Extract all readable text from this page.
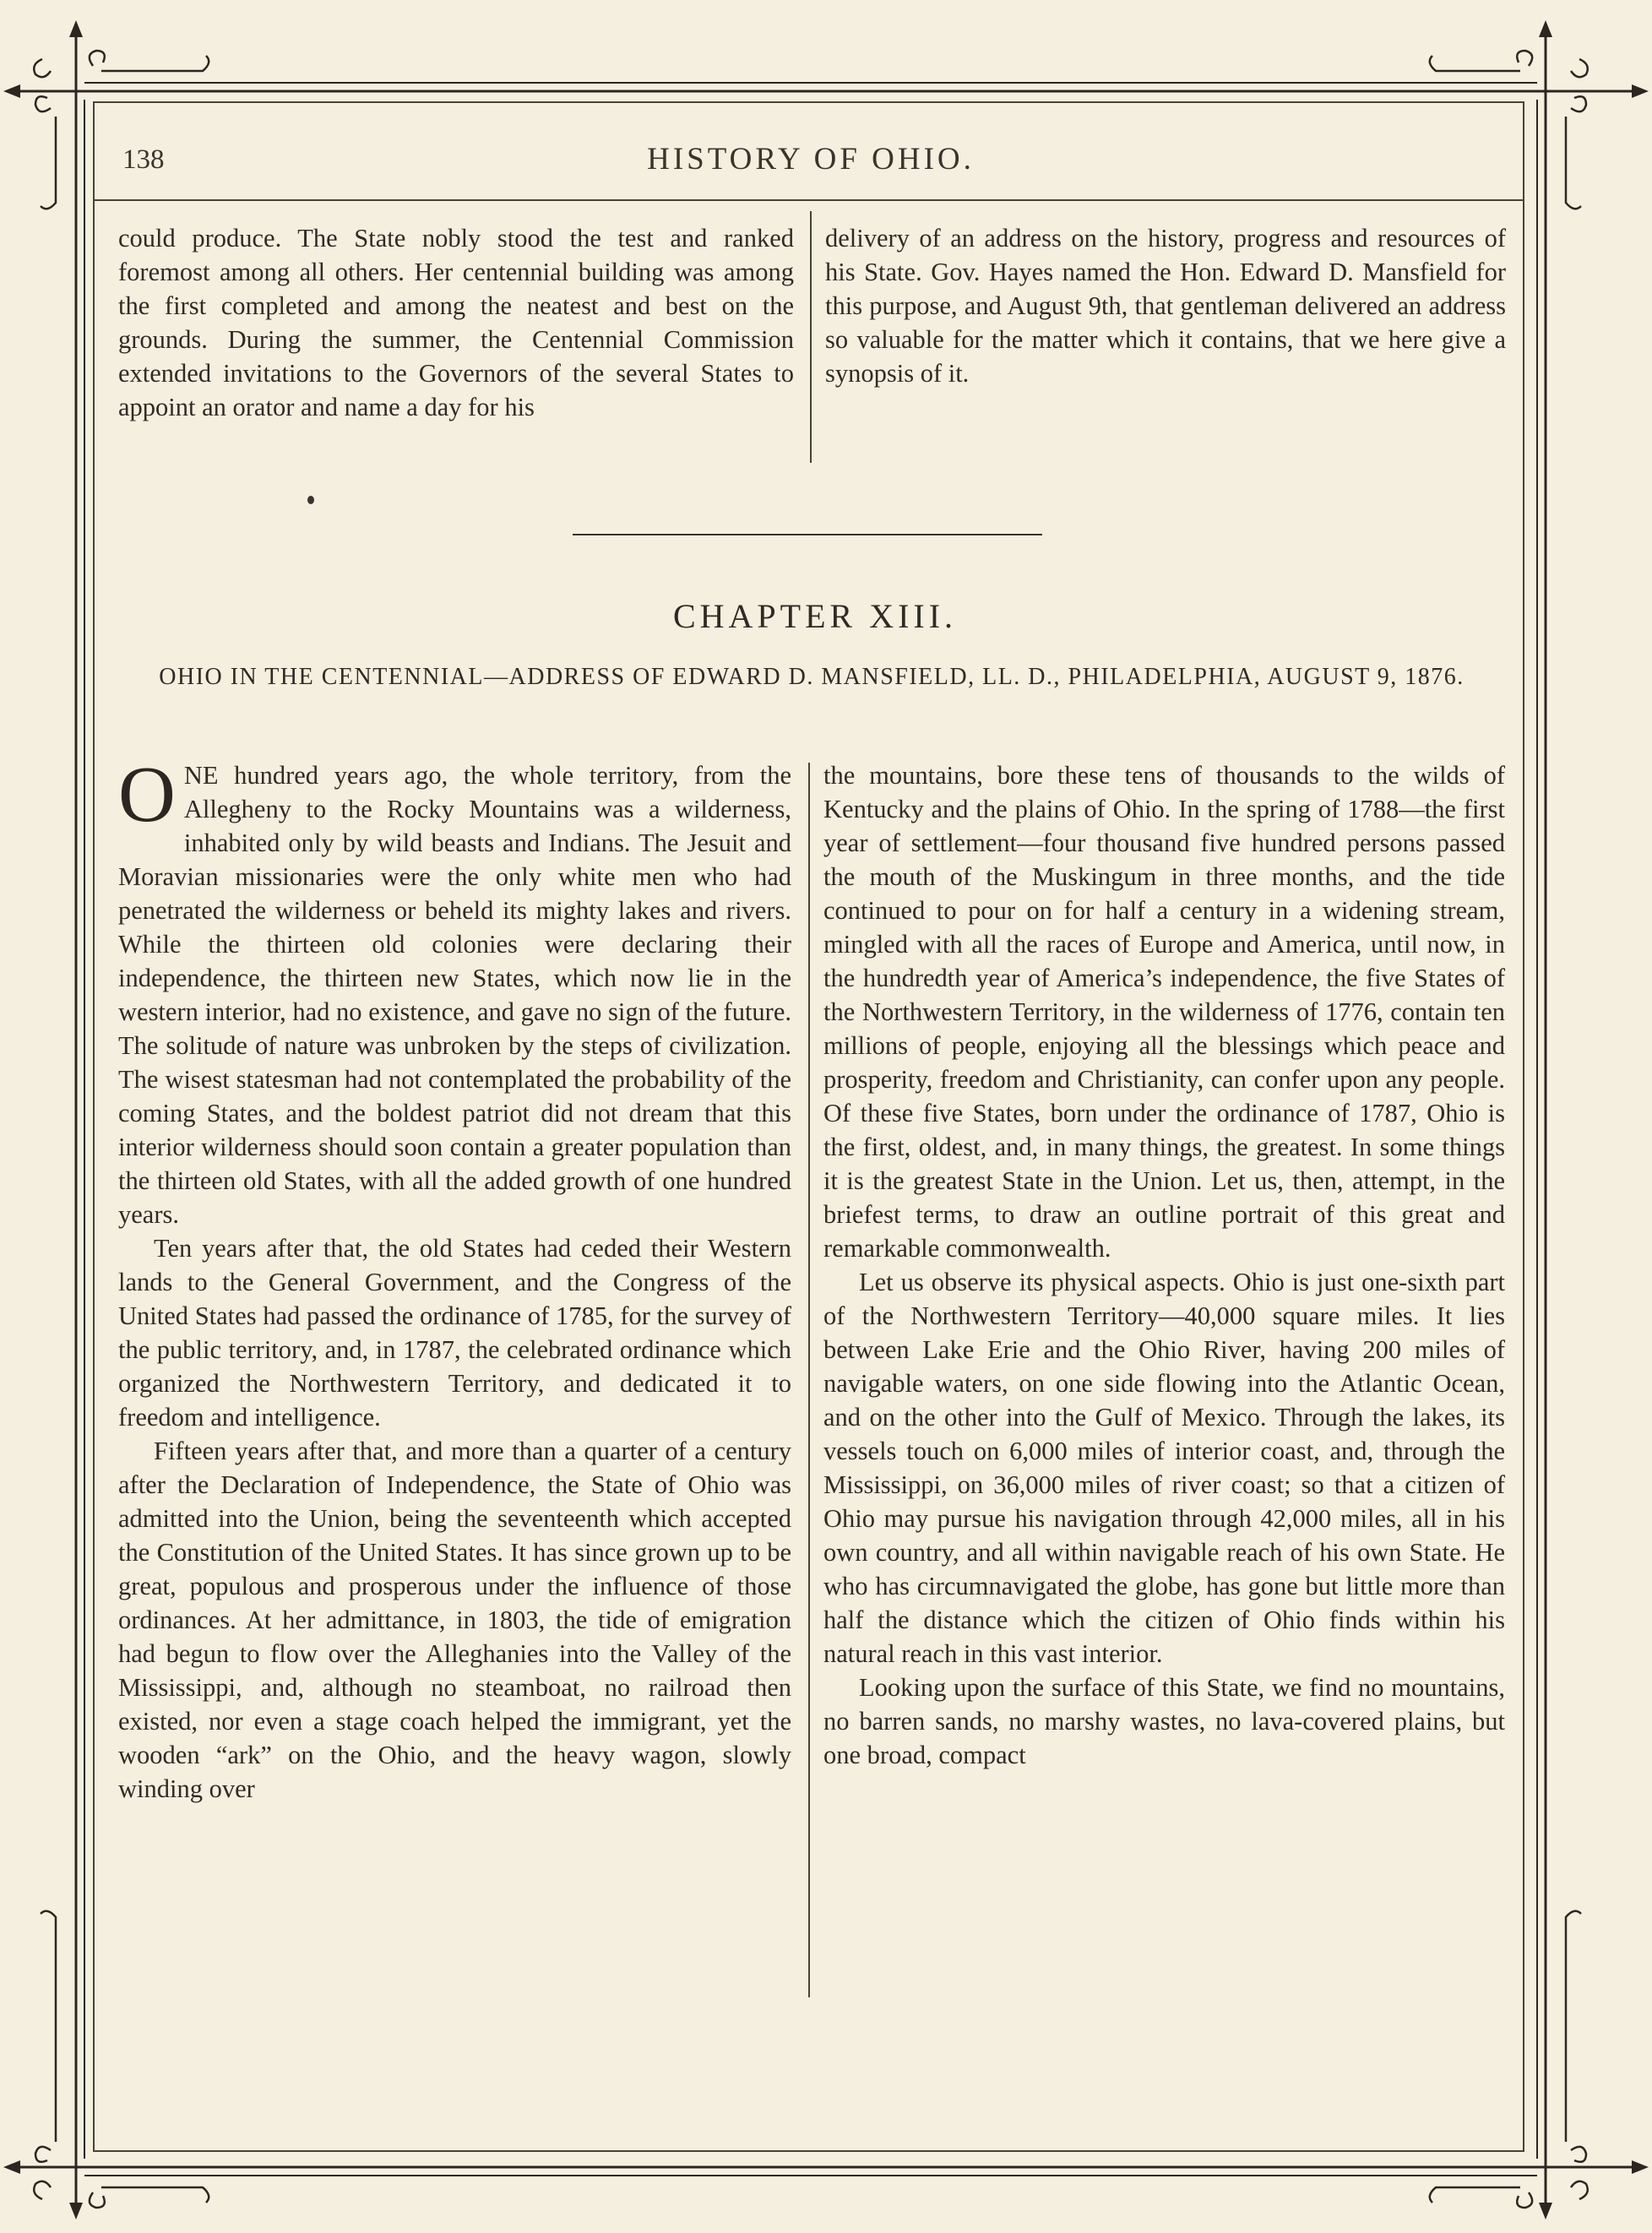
138	HISTORY OF OHIO.

could produce. The State nobly stood the test and ranked foremost among all others. Her centennial building was among the first completed and among the neatest and best on the grounds. During the summer, the Centennial Commission extended invitations to the Governors of the several States to appoint an orator and name a day for his

delivery of an address on the history, progress and resources of his State. Gov. Hayes named the Hon. Edward D. Mansfield for this purpose, and August 9th, that gentleman delivered an address so valuable for the matter which it contains, that we here give a synopsis of it.

CHAPTER XIII.
OHIO IN THE CENTENNIAL—ADDRESS OF EDWARD D. MANSFIELD, LL. D., PHILADELPHIA, AUGUST 9, 1876.

ONE hundred years ago, the whole territory, from the Allegheny to the Rocky Mountains was a wilderness, inhabited only by wild beasts and Indians. The Jesuit and Moravian missionaries were the only white men who had penetrated the wilderness or beheld its mighty lakes and rivers. While the thirteen old colonies were declaring their independence, the thirteen new States, which now lie in the western interior, had no existence, and gave no sign of the future. The solitude of nature was unbroken by the steps of civilization. The wisest statesman had not contemplated the probability of the coming States, and the boldest patriot did not dream that this interior wilderness should soon contain a greater population than the thirteen old States, with all the added growth of one hundred years.

Ten years after that, the old States had ceded their Western lands to the General Government, and the Congress of the United States had passed the ordinance of 1785, for the survey of the public territory, and, in 1787, the celebrated ordinance which organized the Northwestern Territory, and dedicated it to freedom and intelligence.

Fifteen years after that, and more than a quarter of a century after the Declaration of Independence, the State of Ohio was admitted into the Union, being the seventeenth which accepted the Constitution of the United States. It has since grown up to be great, populous and prosperous under the influence of those ordinances. At her admittance, in 1803, the tide of emigration had begun to flow over the Alleghanies into the Valley of the Mississippi, and, although no steamboat, no railroad then existed, nor even a stage coach helped the immigrant, yet the wooden “ark” on the Ohio, and the heavy wagon, slowly winding over

the mountains, bore these tens of thousands to the wilds of Kentucky and the plains of Ohio. In the spring of 1788—the first year of settlement—four thousand five hundred persons passed the mouth of the Muskingum in three months, and the tide continued to pour on for half a century in a widening stream, mingled with all the races of Europe and America, until now, in the hundredth year of America’s independence, the five States of the Northwestern Territory, in the wilderness of 1776, contain ten millions of people, enjoying all the blessings which peace and prosperity, freedom and Christianity, can confer upon any people. Of these five States, born under the ordinance of 1787, Ohio is the first, oldest, and, in many things, the greatest. In some things it is the greatest State in the Union. Let us, then, attempt, in the briefest terms, to draw an outline portrait of this great and remarkable commonwealth.

Let us observe its physical aspects. Ohio is just one-sixth part of the Northwestern Territory—40,000 square miles. It lies between Lake Erie and the Ohio River, having 200 miles of navigable waters, on one side flowing into the Atlantic Ocean, and on the other into the Gulf of Mexico. Through the lakes, its vessels touch on 6,000 miles of interior coast, and, through the Mississippi, on 36,000 miles of river coast; so that a citizen of Ohio may pursue his navigation through 42,000 miles, all in his own country, and all within navigable reach of his own State. He who has circumnavigated the globe, has gone but little more than half the distance which the citizen of Ohio finds within his natural reach in this vast interior.

Looking upon the surface of this State, we find no mountains, no barren sands, no marshy wastes, no lava-covered plains, but one broad, compact
